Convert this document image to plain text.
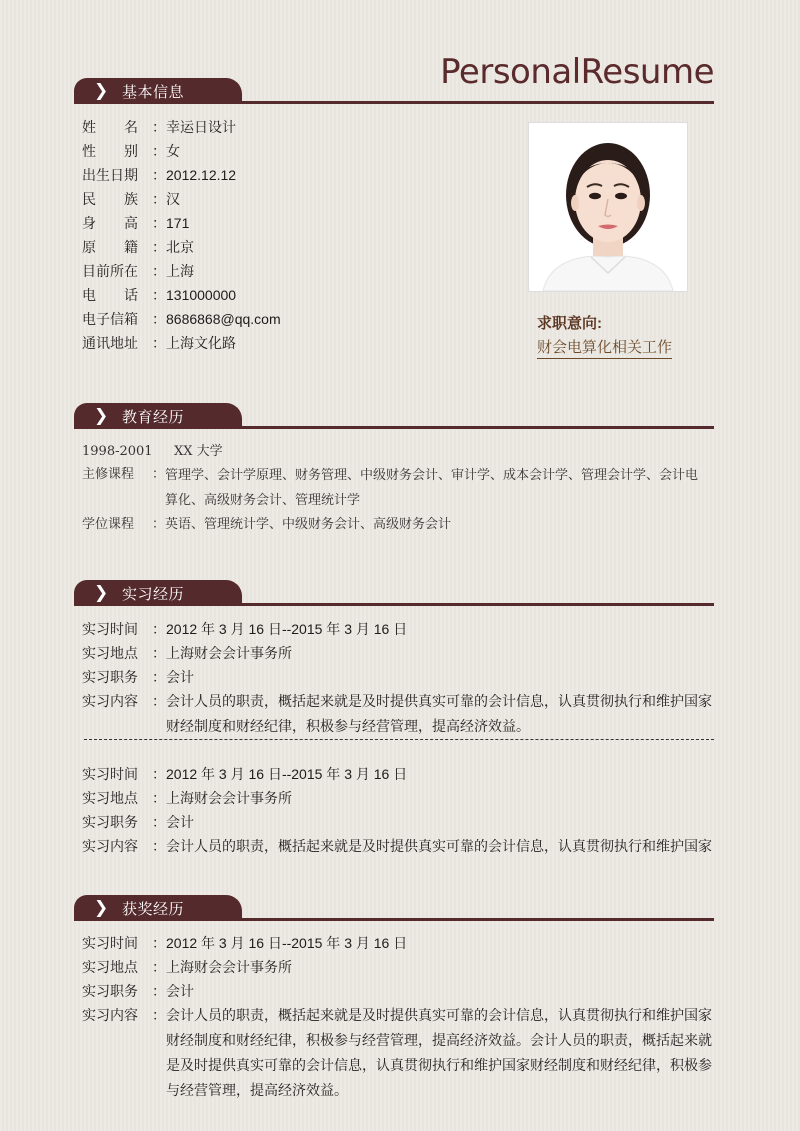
PersonalResume
❯ 基本信息
姓　　名	： 幸运日设计
性　　别	： 女
出生日期	： 2012.12.12
民　　族	： 汉
身　　高	： 171
原　　籍	： 北京
目前所在	： 上海
电　　话	： 131000000
电子信箱	： 8686868@qq.com
通讯地址	： 上海文化路
求职意向:
财会电算化相关工作
❯ 教育经历
1998-2001	XX 大学
主修课程	： 管理学、会计学原理、财务管理、中级财务会计、审计学、成本会计学、管理会计学、会计电算化、高级财务会计、管理统计学
学位课程	： 英语、管理统计学、中级财务会计、高级财务会计
❯ 实习经历
实习时间	： 2012 年 3 月 16 日--2015 年 3 月 16 日
实习地点	： 上海财会会计事务所
实习职务	： 会计
实习内容	： 会计人员的职责，概括起来就是及时提供真实可靠的会计信息，认真贯彻执行和维护国家财经制度和财经纪律，积极参与经营管理，提高经济效益。
实习时间	： 2012 年 3 月 16 日--2015 年 3 月 16 日
实习地点	： 上海财会会计事务所
实习职务	： 会计
实习内容	： 会计人员的职责，概括起来就是及时提供真实可靠的会计信息，认真贯彻执行和维护国家
❯ 获奖经历
实习时间	： 2012 年 3 月 16 日--2015 年 3 月 16 日
实习地点	： 上海财会会计事务所
实习职务	： 会计
实习内容	： 会计人员的职责，概括起来就是及时提供真实可靠的会计信息，认真贯彻执行和维护国家财经制度和财经纪律，积极参与经营管理，提高经济效益。会计人员的职责，概括起来就是及时提供真实可靠的会计信息，认真贯彻执行和维护国家财经制度和财经纪律，积极参与经营管理，提高经济效益。
